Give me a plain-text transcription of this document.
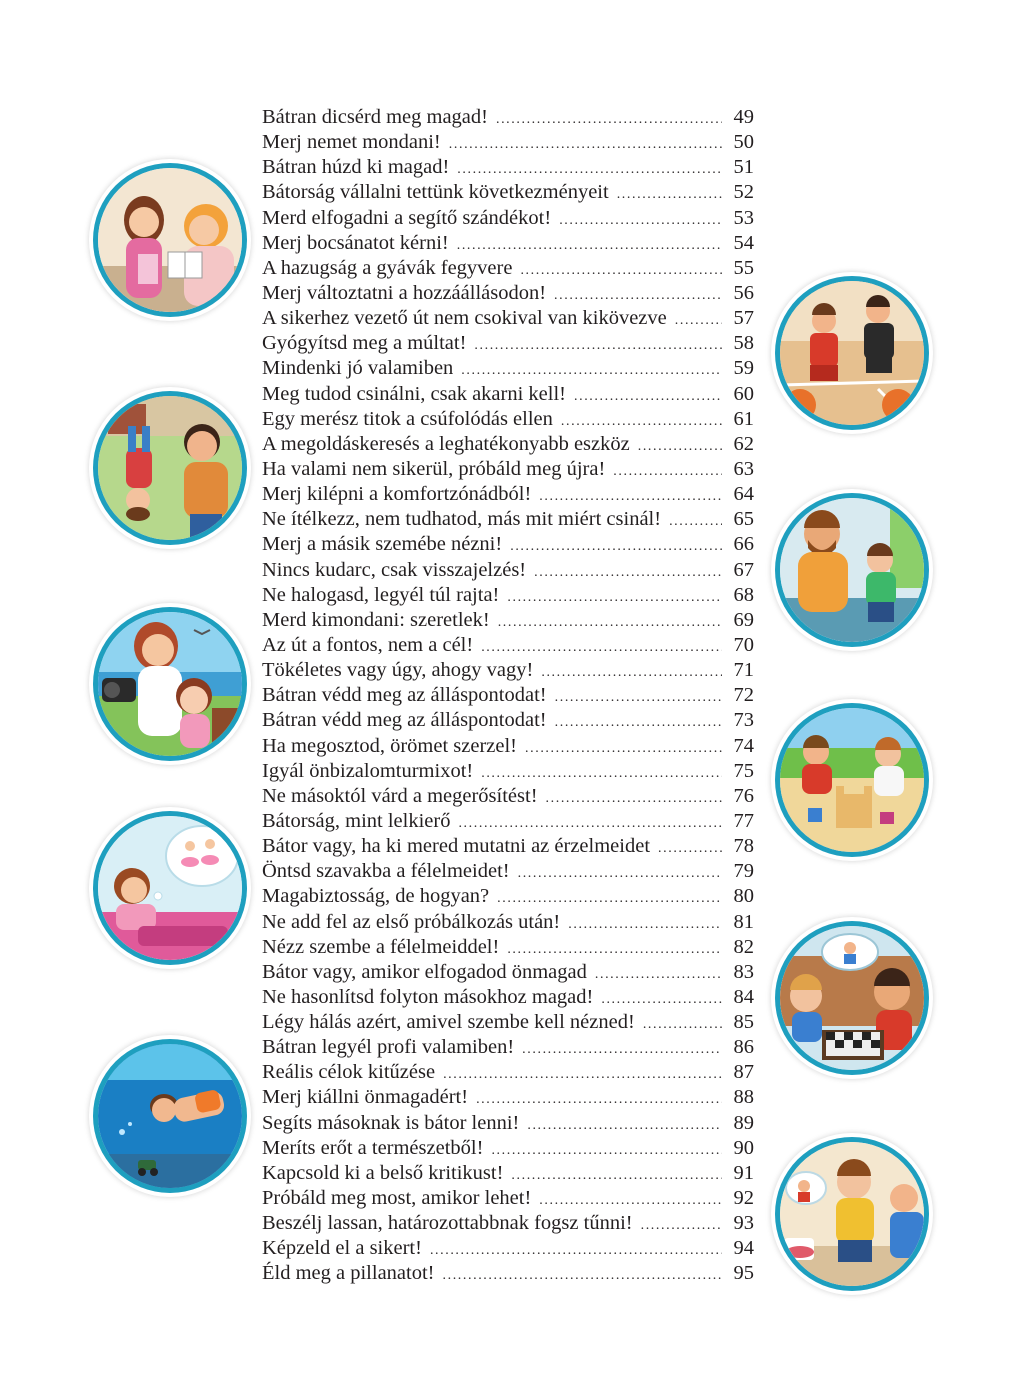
Bátran dicsérd meg magad! .....	49
Merj nemet mondani! .....	50
Bátran húzd ki magad! .....	51
Bátorság vállalni tettünk következményeit .....	52
Merd elfogadni a segítő szándékot! .....	53
Merj bocsánatot kérni! .....	54
A hazugság a gyávák fegyvere .....	55
Merj változtatni a hozzáállásodon! .....	56
A sikerhez vezető út nem csokival van kikövezve .....	57
Gyógyítsd meg a múltat! .....	58
Mindenki jó valamiben .....	59
Meg tudod csinálni, csak akarni kell! .....	60
Egy merész titok a csúfolódás ellen .....	61
A megoldáskeresés a leghatékonyabb eszköz .....	62
Ha valami nem sikerül, próbáld meg újra! .....	63
Merj kilépni a komfortzónádból! .....	64
Ne ítélkezz, nem tudhatod, más mit miért csinál! .....	65
Merj a másik szemébe nézni! .....	66
Nincs kudarc, csak visszajelzés! .....	67
Ne halogasd, legyél túl rajta! .....	68
Merd kimondani: szeretlek! .....	69
Az út a fontos, nem a cél! .....	70
Tökéletes vagy úgy, ahogy vagy! .....	71
Bátran védd meg az álláspontodat! .....	72
Bátran védd meg az álláspontodat! .....	73
Ha megosztod, örömet szerzel! .....	74
Igyál önbizalomturmixot! .....	75
Ne másoktól várd a megerősítést! .....	76
Bátorság, mint lelkierő .....	77
Bátor vagy, ha ki mered mutatni az érzelmeidet .....	78
Öntsd szavakba a félelmeidet! .....	79
Magabiztosság, de hogyan? .....	80
Ne add fel az első próbálkozás után! .....	81
Nézz szembe a félelmeiddel! .....	82
Bátor vagy, amikor elfogadod önmagad .....	83
Ne hasonlítsd folyton másokhoz magad! .....	84
Légy hálás azért, amivel szembe kell nézned! .....	85
Bátran legyél profi valamiben! .....	86
Reális célok kitűzése .....	87
Merj kiállni önmagadért! .....	88
Segíts másoknak is bátor lenni! .....	89
Meríts erőt a természetből! .....	90
Kapcsold ki a belső kritikust! .....	91
Próbáld meg most, amikor lehet! .....	92
Beszélj lassan, határozottabbnak fogsz tűnni! .....	93
Képzeld el a sikert! .....	94
Éld meg a pillanatot! .....	95
